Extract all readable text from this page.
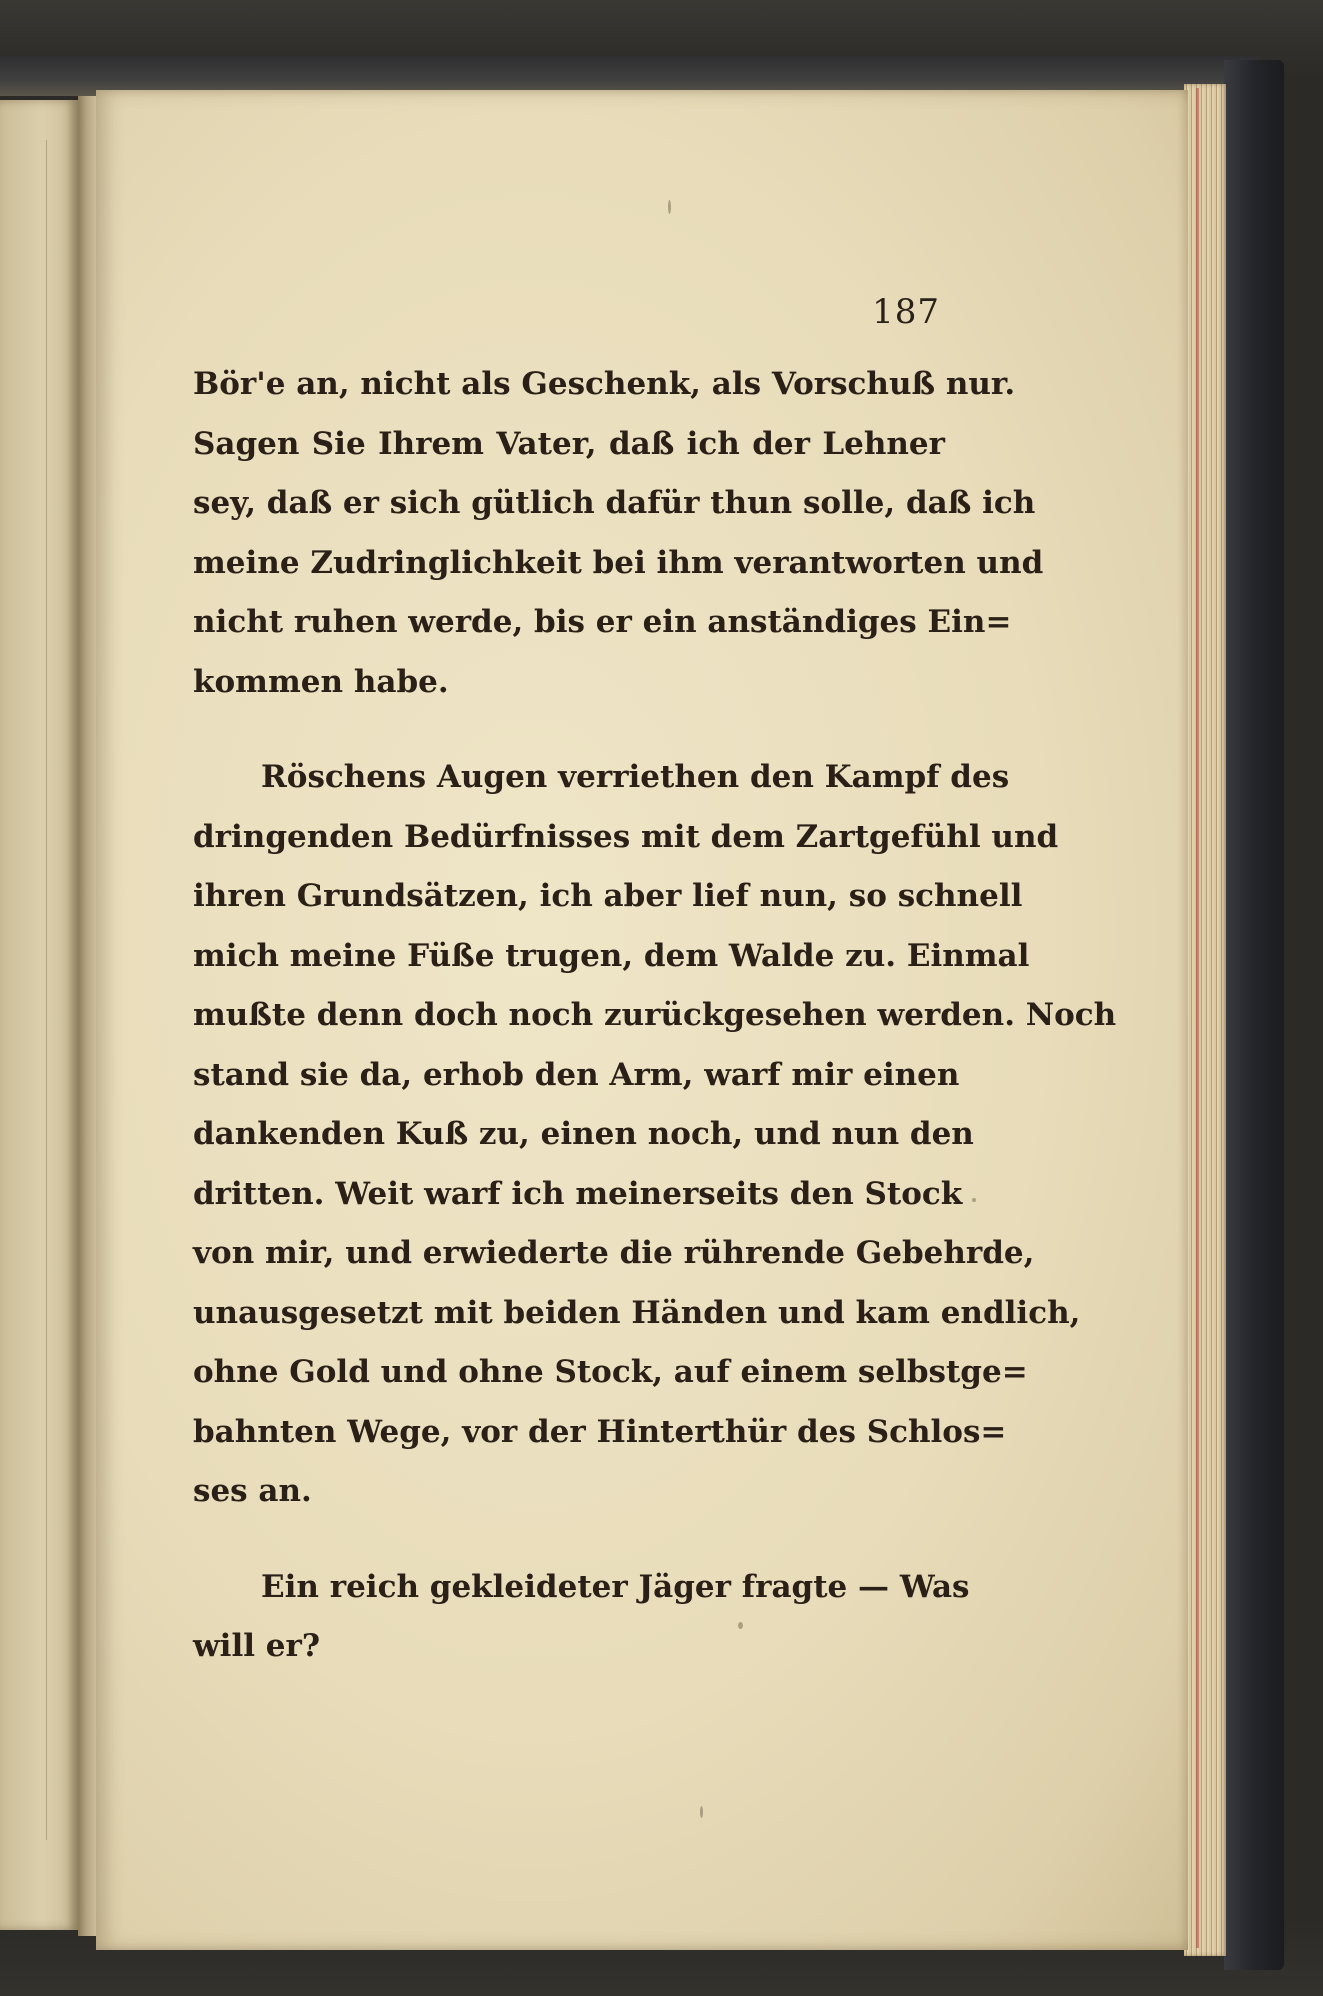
187
Bör'e an, nicht als Geschenk, als Vorschuß nur.
Sagen Sie Ihrem Vater, daß ich der Lehner
sey, daß er sich gütlich dafür thun solle, daß ich
meine Zudringlichkeit bei ihm verantworten und
nicht ruhen werde, bis er ein anständiges Ein=
kommen habe.
Röschens Augen verriethen den Kampf des
dringenden Bedürfnisses mit dem Zartgefühl und
ihren Grundsätzen, ich aber lief nun, so schnell
mich meine Füße trugen, dem Walde zu. Einmal
mußte denn doch noch zurückgesehen werden. Noch
stand sie da, erhob den Arm, warf mir einen
dankenden Kuß zu, einen noch, und nun den
dritten. Weit warf ich meinerseits den Stock
von mir, und erwiederte die rührende Gebehrde,
unausgesetzt mit beiden Händen und kam endlich,
ohne Gold und ohne Stock, auf einem selbstge=
bahnten Wege, vor der Hinterthür des Schlos=
ses an.
Ein reich gekleideter Jäger fragte — Was
will er?
